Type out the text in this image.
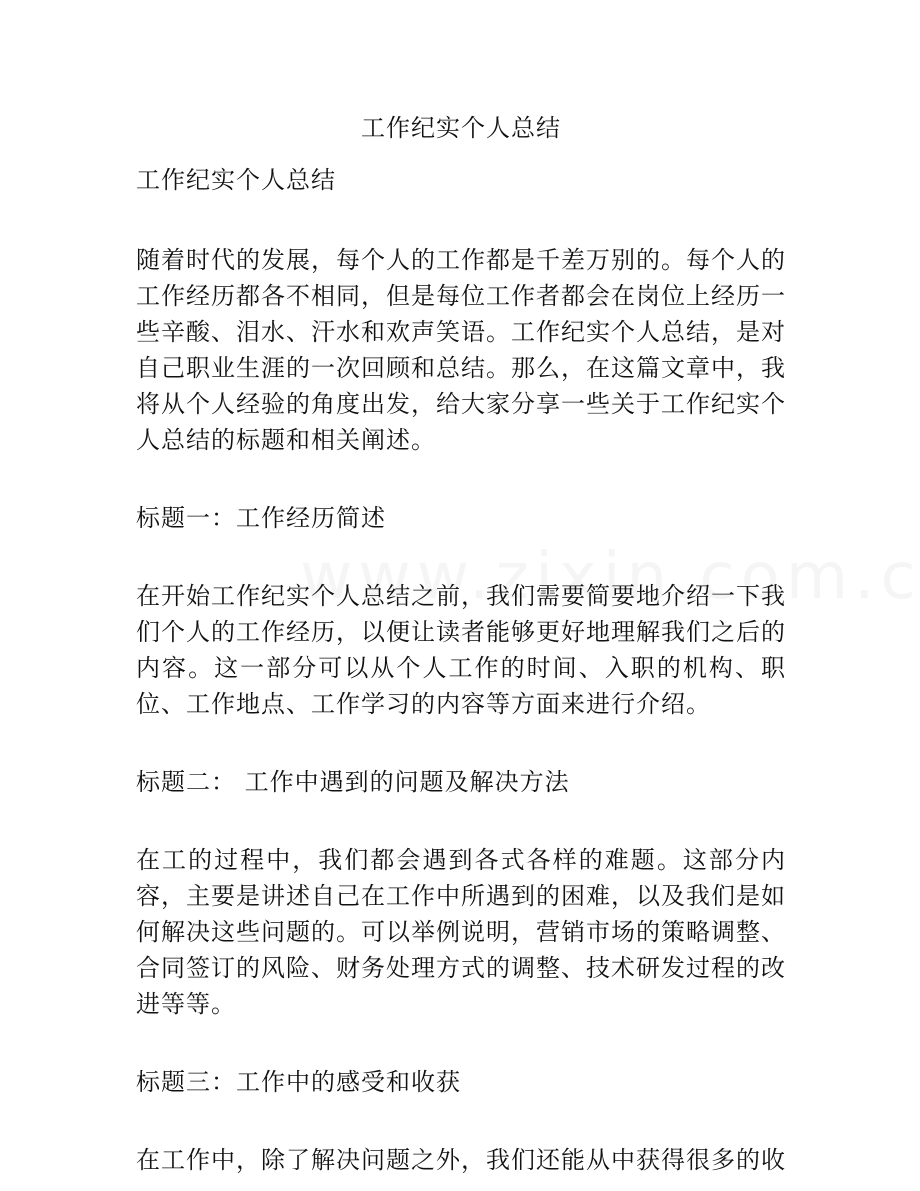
工作纪实个人总结
工作纪实个人总结
随着时代的发展，每个人的工作都是千差万别的。每个人的工作经历都各不相同，但是每位工作者都会在岗位上经历一些辛酸、泪水、汗水和欢声笑语。工作纪实个人总结，是对自己职业生涯的一次回顾和总结。那么，在这篇文章中，我将从个人经验的角度出发，给大家分享一些关于工作纪实个人总结的标题和相关阐述。
标题一：工作经历简述
在开始工作纪实个人总结之前，我们需要简要地介绍一下我们个人的工作经历，以便让读者能够更好地理解我们之后的内容。这一部分可以从个人工作的时间、入职的机构、职位、工作地点、工作学习的内容等方面来进行介绍。
标题二： 工作中遇到的问题及解决方法
在工的过程中，我们都会遇到各式各样的难题。这部分内容，主要是讲述自己在工作中所遇到的困难，以及我们是如何解决这些问题的。可以举例说明，营销市场的策略调整、合同签订的风险、财务处理方式的调整、技术研发过程的改进等等。
标题三：工作中的感受和收获
在工作中，除了解决问题之外，我们还能从中获得很多的收
